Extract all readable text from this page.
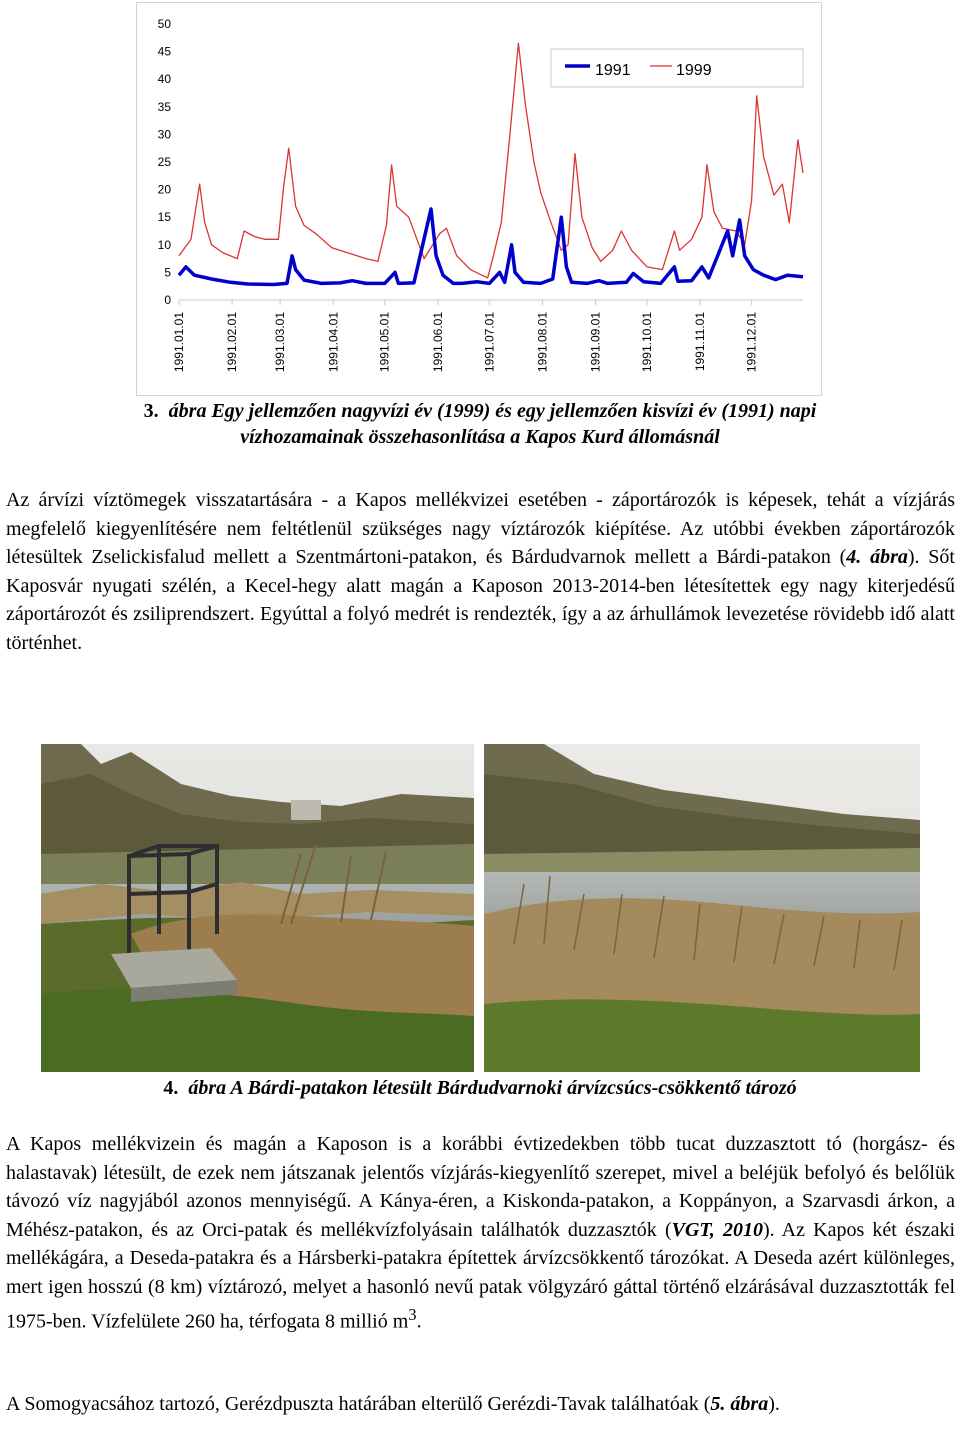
0
5
10
15
20
25
30
35
40
45
50
1991.01.01	1991.02.01	1991.03.01	1991.04.01	1991.05.01	1991.06.01	1991.07.01	1991.08.01	1991.09.01	1991.10.01	1991.11.01	1991.12.01
1991	1999
3. ábra Egy jellemzően nagyvízi év (1999) és egy jellemzően kisvízi év (1991) napi
vízhozamainak összehasonlítása a Kapos Kurd állomásnál
Az árvízi víztömegek visszatartására - a Kapos mellékvizei esetében - záportározók is képesek, tehát a vízjárás megfelelő kiegyenlítésére nem feltétlenül szükséges nagy víztározók kiépítése. Az utóbbi években záportározók létesültek Zselickisfalud mellett a Szentmártoni-patakon, és Bárdudvarnok mellett a Bárdi-patakon (4. ábra). Sőt Kaposvár nyugati szélén, a Kecel-hegy alatt magán a Kaposon 2013-2014-ben létesítettek egy nagy kiterjedésű záportározót és zsiliprendszert. Egyúttal a folyó medrét is rendezték, így a az árhullámok levezetése rövidebb idő alatt történhet.
4. ábra A Bárdi-patakon létesült Bárdudvarnoki árvízcsúcs-csökkentő tározó
A Kapos mellékvizein és magán a Kaposon is a korábbi évtizedekben több tucat duzzasztott tó (horgász- és halastavak) létesült, de ezek nem játszanak jelentős vízjárás-kiegyenlítő szerepet, mivel a beléjük befolyó és belőlük távozó víz nagyjából azonos mennyiségű. A Kánya-éren, a Kiskonda-patakon, a Koppányon, a Szarvasdi árkon, a Méhész-patakon, és az Orci-patak és mellékvízfolyásain találhatók duzzasztók (VGT, 2010). Az Kapos két északi mellékágára, a Deseda-patakra és a Hársberki-patakra építettek árvízcsökkentő tározókat. A Deseda azért különleges, mert igen hosszú (8 km) víztározó, melyet a hasonló nevű patak völgyzáró gáttal történő elzárásával duzzasztották fel 1975-ben. Vízfelülete 260 ha, térfogata 8 millió $m^3$.
A Somogyacsához tartozó, Gerézdpuszta határában elterülő Gerézdi-Tavak találhatóak (5. ábra).
